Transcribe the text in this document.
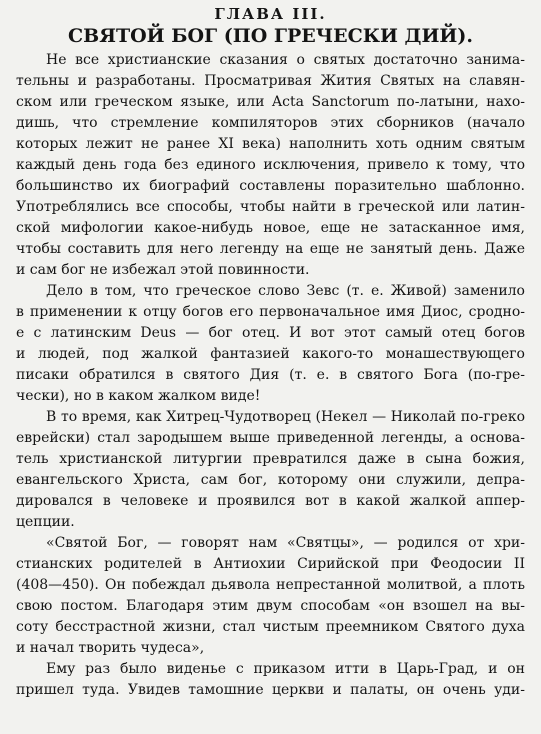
ГЛАВА III.
СВЯТОЙ БОГ (ПО ГРЕЧЕСКИ ДИЙ).
Не все христианские сказания о святых достаточно занима-
тельны и разработаны. Просматривая Жития Святых на славян-
ском или греческом языке, или Acta Sanctorum по-латыни, нахо-
дишь, что стремление компиляторов этих сборников (начало
которых лежит не ранее XI века) наполнить хоть одним святым
каждый день года без единого исключения, привело к тому, что
большинство их биографий составлены поразительно шаблонно.
Употреблялись все способы, чтобы найти в греческой или латин-
ской мифологии какое-нибудь новое, еще не затасканное имя,
чтобы составить для него легенду на еще не занятый день. Даже
и сам бог не избежал этой повинности.
Дело в том, что греческое слово Зевс (т. е. Живой) заменило
в применении к отцу богов его первоначальное имя Диос, сродно-
е с латинским Deus — бог отец. И вот этот самый отец богов
и людей, под жалкой фантазией какого-то монашествующего
писаки обратился в святого Дия (т. е. в святого Бога (по-гре-
чески), но в каком жалком виде!
В то время, как Хитрец-Чудотворец (Некел — Николай по-греко
еврейски) стал зародышем выше приведенной легенды, а основа-
тель христианской литургии превратился даже в сына божия,
евангельского Христа, сам бог, которому они служили, депра-
дировался в человеке и проявился вот в какой жалкой аппер-
цепции.
«Святой Бог, — говорят нам «Святцы», — родился от хри-
стианских родителей в Антиохии Сирийской при Феодосии II
(408—450). Он побеждал дьявола непрестанной молитвой, а плоть
свою постом. Благодаря этим двум способам «он взошел на вы-
соту бесстрастной жизни, стал чистым преемником Святого духа
и начал творить чудеса»,
Ему раз было виденье с приказом итти в Царь-Град, и он
пришел туда. Увидев тамошние церкви и палаты, он очень уди-
